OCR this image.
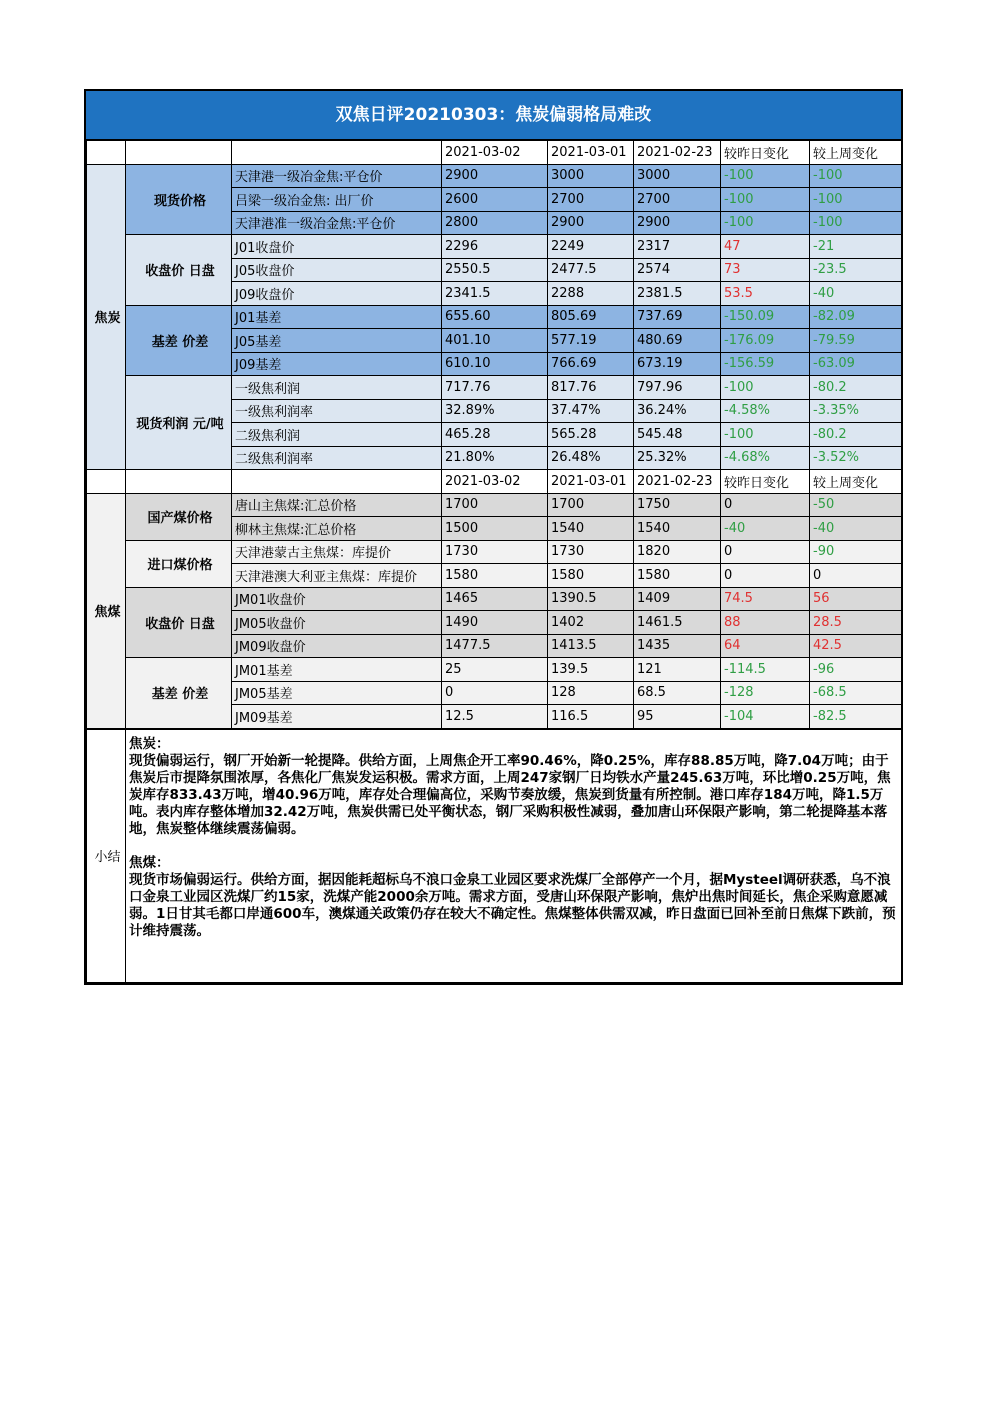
双焦日评20210303：焦炭偏弱格局难改
			2021-03-02	2021-03-01	2021-02-23	较昨日变化	较上周变化
焦炭	现货价格	天津港一级冶金焦:平仓价	2900	3000	3000	-100	-100
		吕梁一级冶金焦: 出厂价	2600	2700	2700	-100	-100
		天津港准一级冶金焦:平仓价	2800	2900	2900	-100	-100
	收盘价 日盘	J01收盘价	2296	2249	2317	47	-21
		J05收盘价	2550.5	2477.5	2574	73	-23.5
		J09收盘价	2341.5	2288	2381.5	53.5	-40
	基差 价差	J01基差	655.60	805.69	737.69	-150.09	-82.09
		J05基差	401.10	577.19	480.69	-176.09	-79.59
		J09基差	610.10	766.69	673.19	-156.59	-63.09
	现货利润 元/吨	一级焦利润	717.76	817.76	797.96	-100	-80.2
		一级焦利润率	32.89%	37.47%	36.24%	-4.58%	-3.35%
		二级焦利润	465.28	565.28	545.48	-100	-80.2
		二级焦利润率	21.80%	26.48%	25.32%	-4.68%	-3.52%
			2021-03-02	2021-03-01	2021-02-23	较昨日变化	较上周变化
焦煤	国产煤价格	唐山主焦煤:汇总价格	1700	1700	1750	0	-50
		柳林主焦煤:汇总价格	1500	1540	1540	-40	-40
	进口煤价格	天津港蒙古主焦煤：库提价	1730	1730	1820	0	-90
		天津港澳大利亚主焦煤：库提价	1580	1580	1580	0	0
	收盘价 日盘	JM01收盘价	1465	1390.5	1409	74.5	56
		JM05收盘价	1490	1402	1461.5	88	28.5
		JM09收盘价	1477.5	1413.5	1435	64	42.5
	基差 价差	JM01基差	25	139.5	121	-114.5	-96
		JM05基差	0	128	68.5	-128	-68.5
		JM09基差	12.5	116.5	95	-104	-82.5
小结	

焦炭：

现货偏弱运行，钢厂开始新一轮提降。供给方面，上周焦企开工率90.46%，降0.25%，库存88.85万吨，降7.04万吨；由于焦炭后市提降氛围浓厚，各焦化厂焦炭发运积极。需求方面，上周247家钢厂日均铁水产量245.63万吨，环比增0.25万吨，焦炭库存833.43万吨，增40.96万吨，库存处合理偏高位，采购节奏放缓，焦炭到货量有所控制。港口库存184万吨，降1.5万吨。表内库存整体增加32.42万吨，焦炭供需已处平衡状态，钢厂采购积极性减弱，叠加唐山环保限产影响，第二轮提降基本落地，焦炭整体继续震荡偏弱。

焦煤：

现货市场偏弱运行。供给方面，据因能耗超标乌不浪口金泉工业园区要求洗煤厂全部停产一个月，据Mysteel调研获悉，乌不浪口金泉工业园区洗煤厂约15家，洗煤产能2000余万吨。需求方面，受唐山环保限产影响，焦炉出焦时间延长，焦企采购意愿减弱。1日甘其毛都口岸通600车，澳煤通关政策仍存在较大不确定性。焦煤整体供需双减，昨日盘面已回补至前日焦煤下跌前，预计维持震荡。
